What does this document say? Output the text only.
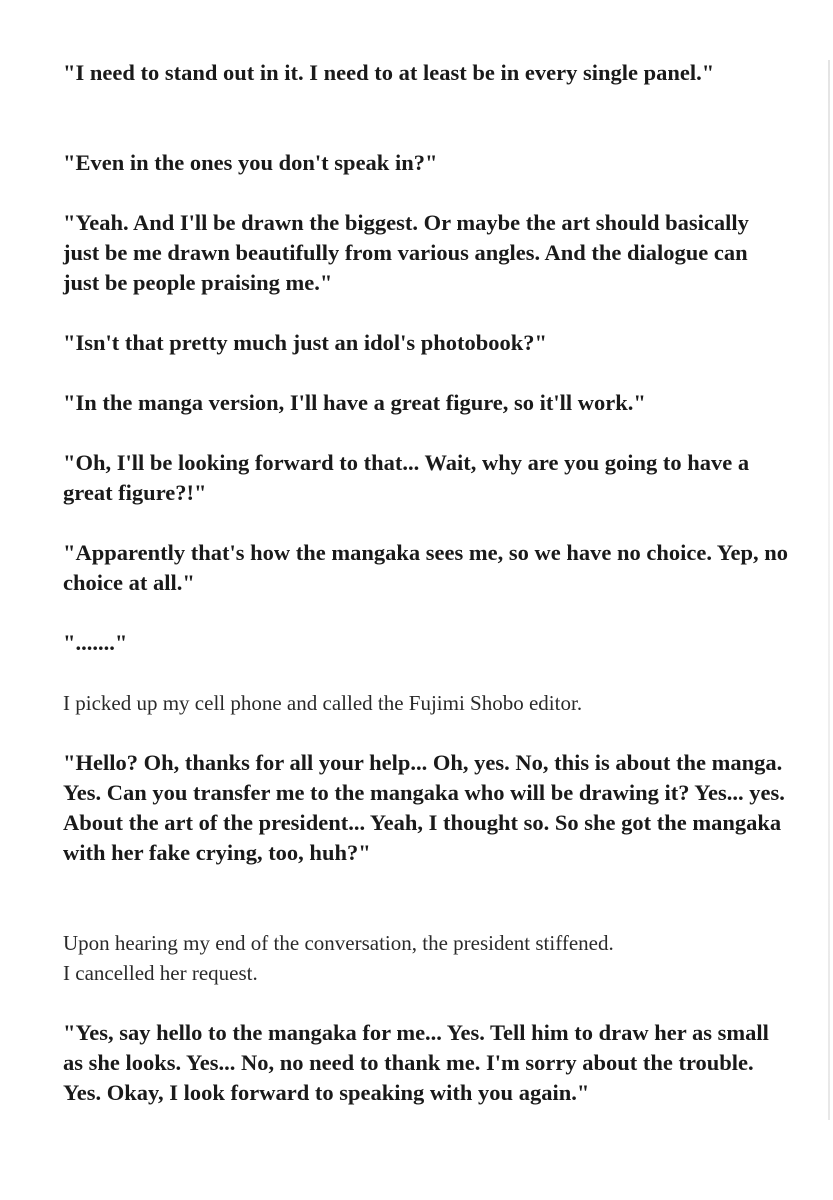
"I need to stand out in it. I need to at least be in every single panel."

"Even in the ones you don't speak in?"

"Yeah. And I'll be drawn the biggest. Or maybe the art should basically just be me drawn beautifully from various angles. And the dialogue can just be people praising me."

"Isn't that pretty much just an idol's photobook?"

"In the manga version, I'll have a great figure, so it'll work."

"Oh, I'll be looking forward to that... Wait, why are you going to have a great figure?!"

"Apparently that's how the mangaka sees me, so we have no choice. Yep, no choice at all."

"......."

I picked up my cell phone and called the Fujimi Shobo editor.

"Hello? Oh, thanks for all your help... Oh, yes. No, this is about the manga. Yes. Can you transfer me to the mangaka who will be drawing it? Yes... yes. About the art of the president... Yeah, I thought so. So she got the mangaka with her fake crying, too, huh?"

Upon hearing my end of the conversation, the president stiffened.

I cancelled her request.

"Yes, say hello to the mangaka for me... Yes. Tell him to draw her as small as she looks. Yes... No, no need to thank me. I'm sorry about the trouble. Yes. Okay, I look forward to speaking with you again."
